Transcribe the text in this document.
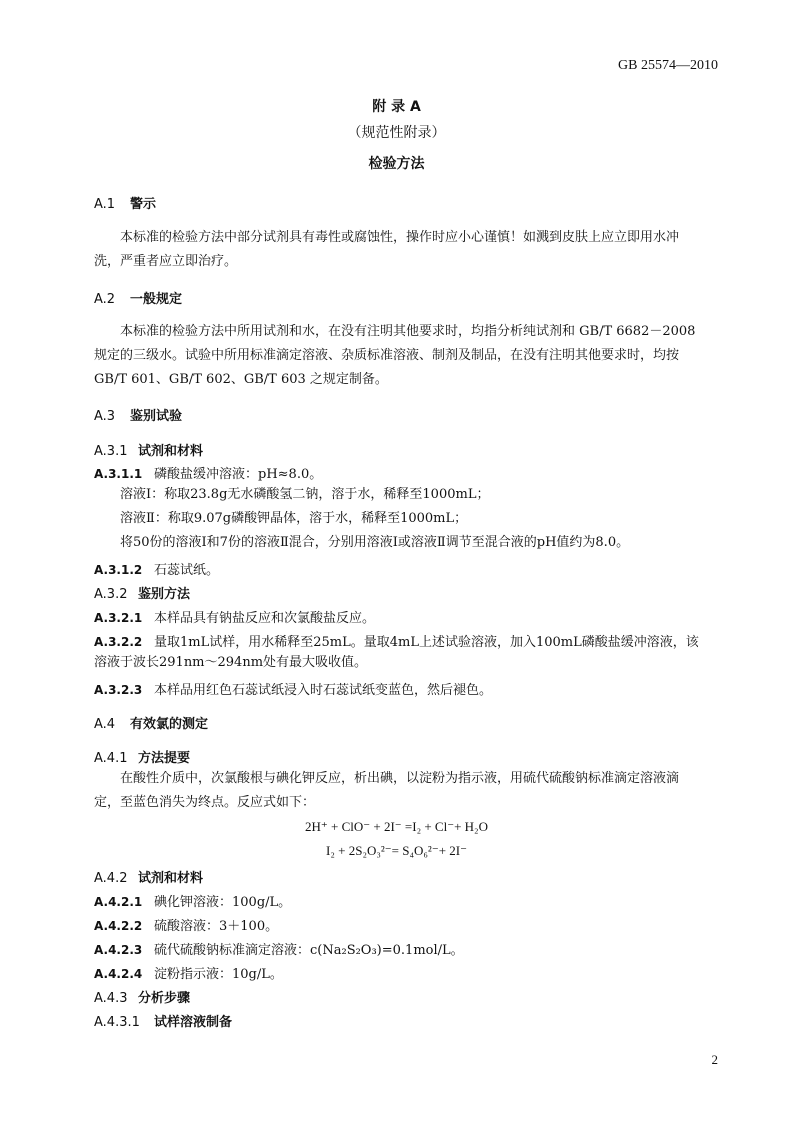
GB 25574—2010
附 录 A
（规范性附录）
检验方法
A.1 警示
本标准的检验方法中部分试剂具有毒性或腐蚀性，操作时应小心谨慎！如溅到皮肤上应立即用水冲
洗，严重者应立即治疗。
A.2 一般规定
本标准的检验方法中所用试剂和水，在没有注明其他要求时，均指分析纯试剂和 GB/T 6682－2008
规定的三级水。试验中所用标准滴定溶液、杂质标准溶液、制剂及制品，在没有注明其他要求时，均按
GB/T 601、GB/T 602、GB/T 603 之规定制备。
A.3 鉴别试验
A.3.1 试剂和材料
A.3.1.1 磷酸盐缓冲溶液：pH≈8.0。
溶液Ⅰ：称取23.8g无水磷酸氢二钠，溶于水，稀释至1000mL；
溶液Ⅱ：称取9.07g磷酸钾晶体，溶于水，稀释至1000mL；
将50份的溶液Ⅰ和7份的溶液Ⅱ混合，分别用溶液Ⅰ或溶液Ⅱ调节至混合液的pH值约为8.0。
A.3.1.2 石蕊试纸。
A.3.2 鉴别方法
A.3.2.1 本样品具有钠盐反应和次氯酸盐反应。
A.3.2.2 量取1mL试样，用水稀释至25mL。量取4mL上述试验溶液，加入100mL磷酸盐缓冲溶液，该
溶液于波长291nm～294nm处有最大吸收值。
A.3.2.3 本样品用红色石蕊试纸浸入时石蕊试纸变蓝色，然后褪色。
A.4 有效氯的测定
A.4.1 方法提要
在酸性介质中，次氯酸根与碘化钾反应，析出碘，以淀粉为指示液，用硫代硫酸钠标准滴定溶液滴
定，至蓝色消失为终点。反应式如下：
2H⁺ + ClO⁻ + 2I⁻ =I₂ + Cl⁻+ H₂O
I₂ + 2S₂O₃²⁻= S₄O₆²⁻+ 2I⁻
A.4.2 试剂和材料
A.4.2.1 碘化钾溶液：100g/L。
A.4.2.2 硫酸溶液：3＋100。
A.4.2.3 硫代硫酸钠标准滴定溶液：c(Na₂S₂O₃)=0.1mol/L。
A.4.2.4 淀粉指示液：10g/L。
A.4.3 分析步骤
A.4.3.1 试样溶液制备
2
